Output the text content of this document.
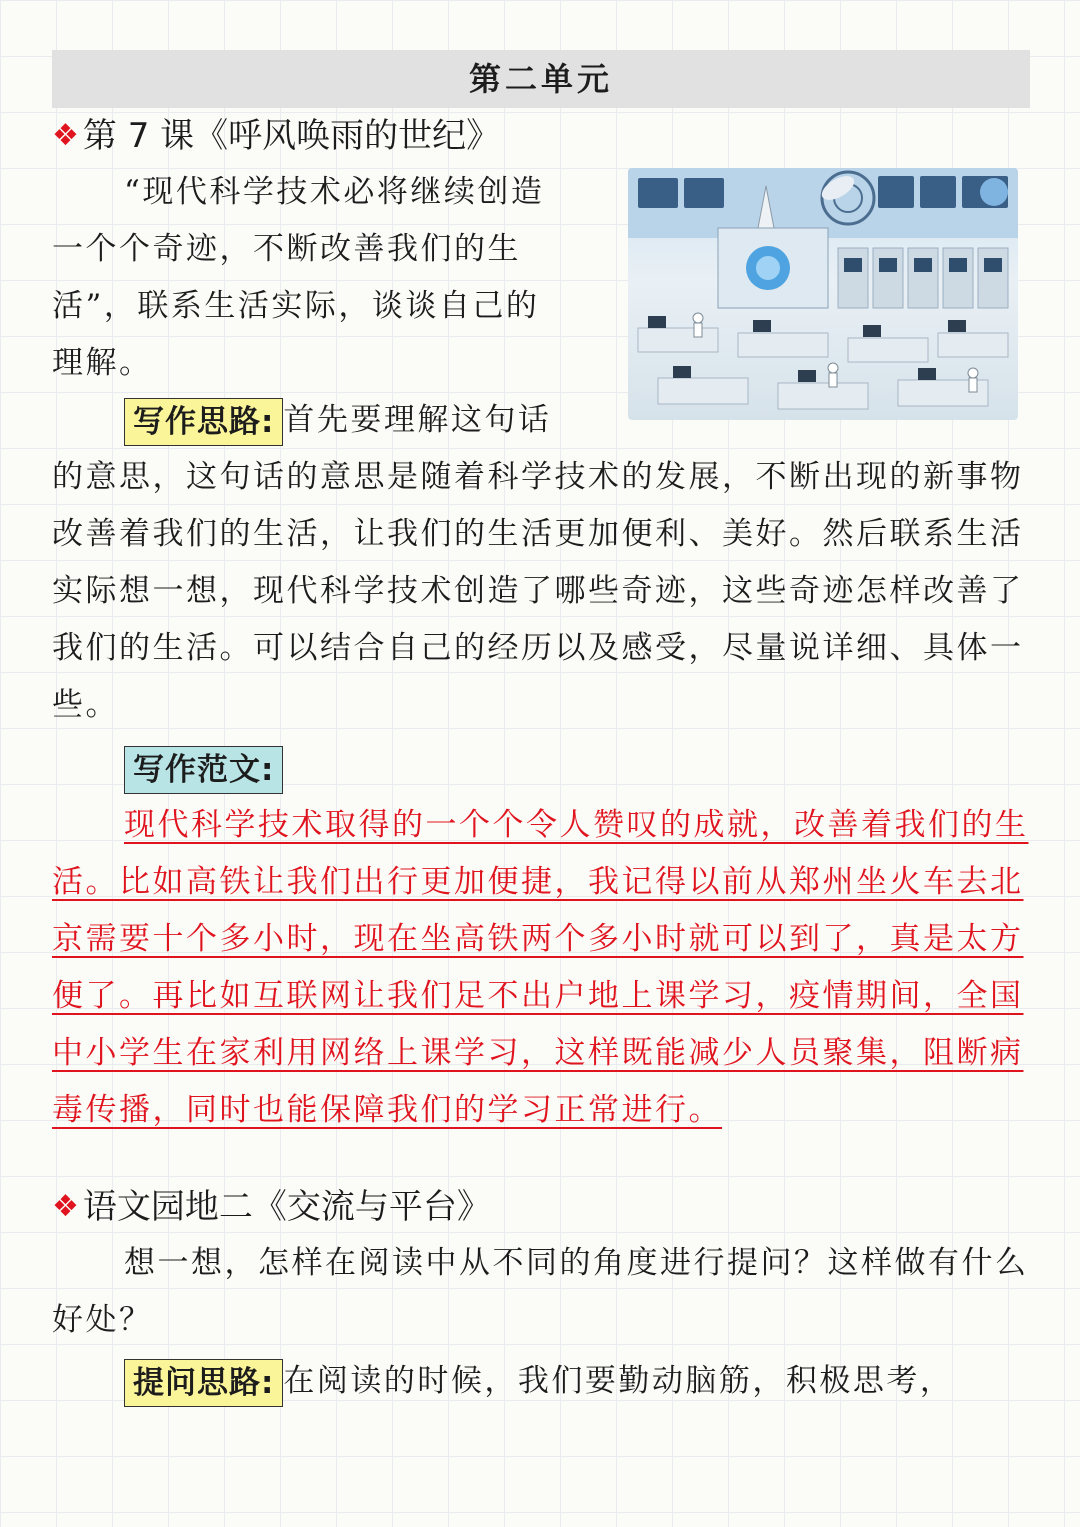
第二单元
❖ 第 7 课《呼风唤雨的世纪》

“现代科学技术必将继续创造

一个个奇迹，不断改善我们的生

活”，联系生活实际，谈谈自己的

理解。

写作思路: 首先要理解这句话

的意思，这句话的意思是随着科学技术的发展，不断出现的新事物改善着我们的生活，让我们的生活更加便利、美好。然后联系生活实际想一想，现代科学技术创造了哪些奇迹，这些奇迹怎样改善了我们的生活。可以结合自己的经历以及感受，尽量说详细、具体一些。

写作范文:

现代科学技术取得的一个个令人赞叹的成就，改善着我们的生活。比如高铁让我们出行更加便捷，我记得以前从郑州坐火车去北京需要十个多小时，现在坐高铁两个多小时就可以到了，真是太方便了。再比如互联网让我们足不出户地上课学习，疫情期间，全国中小学生在家利用网络上课学习，这样既能减少人员聚集，阻断病毒传播，同时也能保障我们的学习正常进行。

❖ 语文园地二《交流与平台》

想一想，怎样在阅读中从不同的角度进行提问？这样做有什么好处？

提问思路: 在阅读的时候，我们要勤动脑筋，积极思考，
